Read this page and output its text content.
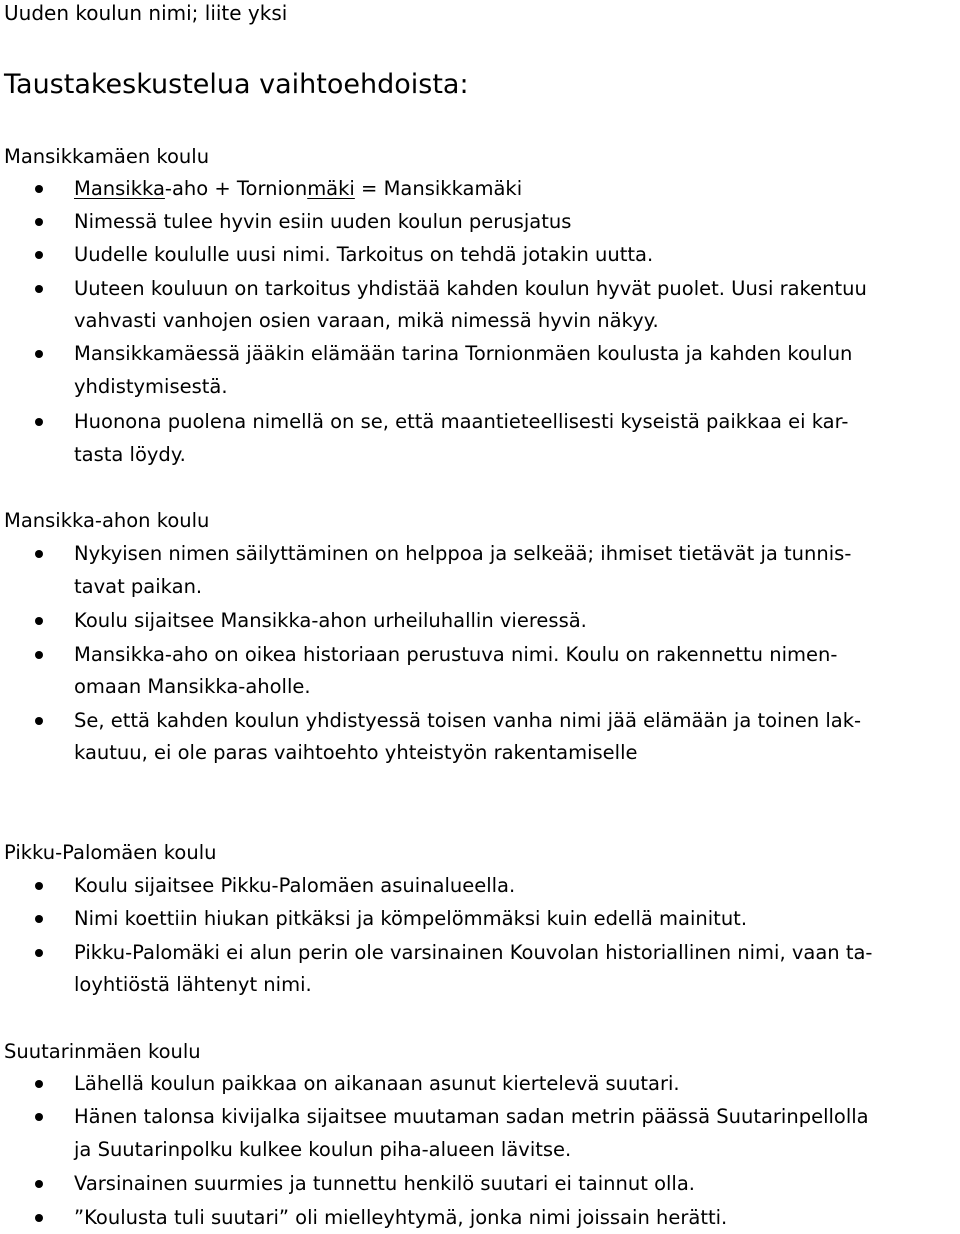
Uuden koulun nimi; liite yksi
Taustakeskustelua vaihtoehdoista:
Mansikkamäen koulu
Mansikka-aho + Tornionmäki = Mansikkamäki
Nimessä tulee hyvin esiin uuden koulun perusjatus
Uudelle koululle uusi nimi. Tarkoitus on tehdä jotakin uutta.
Uuteen kouluun on tarkoitus yhdistää kahden koulun hyvät puolet. Uusi rakentuu
vahvasti vanhojen osien varaan, mikä nimessä hyvin näkyy.
Mansikkamäessä jääkin elämään tarina Tornionmäen koulusta ja kahden koulun
yhdistymisestä.
Huonona puolena nimellä on se, että maantieteellisesti kyseistä paikkaa ei kar-
tasta löydy.
Mansikka-ahon koulu
Nykyisen nimen säilyttäminen on helppoa ja selkeää; ihmiset tietävät ja tunnis-
tavat paikan.
Koulu sijaitsee Mansikka-ahon urheiluhallin vieressä.
Mansikka-aho on oikea historiaan perustuva nimi. Koulu on rakennettu nimen-
omaan Mansikka-aholle.
Se, että kahden koulun yhdistyessä toisen vanha nimi jää elämään ja toinen lak-
kautuu, ei ole paras vaihtoehto yhteistyön rakentamiselle
Pikku-Palomäen koulu
Koulu sijaitsee Pikku-Palomäen asuinalueella.
Nimi koettiin hiukan pitkäksi ja kömpelömmäksi kuin edellä mainitut.
Pikku-Palomäki ei alun perin ole varsinainen Kouvolan historiallinen nimi, vaan ta-
loyhtiöstä lähtenyt nimi.
Suutarinmäen koulu
Lähellä koulun paikkaa on aikanaan asunut kiertelevä suutari.
Hänen talonsa kivijalka sijaitsee muutaman sadan metrin päässä Suutarinpellolla
ja Suutarinpolku kulkee koulun piha-alueen lävitse.
Varsinainen suurmies ja tunnettu henkilö suutari ei tainnut olla.
”Koulusta tuli suutari” oli mielleyhtymä, jonka nimi joissain herätti.
